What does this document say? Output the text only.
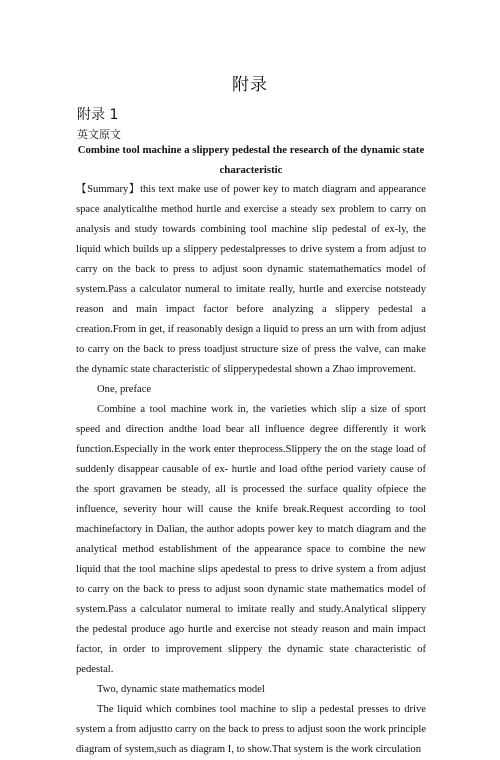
附录
附录 1
英文原文
Combine tool machine a slippery pedestal the research of the dynamic state characteristic

【Summary】this text make use of power key to match diagram and appearance space analyticalthe method hurtle and exercise a steady sex problem to carry on analysis and study towards combining tool machine slip pedestal of ex-ly, the liquid which builds up a slippery pedestalpresses to drive system a from adjust to carry on the back to press to adjust soon dynamic statemathematics model of system.Pass a calculator numeral to imitate really, hurtle and exercise notsteady reason and main impact factor before analyzing a slippery pedestal a creation.From in get, if reasonably design a liquid to press an urn with from adjust to carry on the back to press toadjust structure size of press the valve, can make the dynamic state characteristic of slipperypedestal shown a Zhao improvement.

One, preface

Combine a tool machine work in, the varieties which slip a size of sport speed and direction andthe load bear all influence degree differently it work function.Especially in the work enter theprocess.Slippery the on the stage load of suddenly disappear causable of ex- hurtle and load ofthe period variety cause of the sport gravamen be steady, all is processed the surface quality ofpiece the influence, severity hour will cause the knife break.Request according to tool machinefactory in Dalian, the author adopts power key to match diagram and the analytical method establishment of the appearance space to combine the new liquid that the tool machine slips apedestal to press to drive system a from adjust to carry on the back to press to adjust soon dynamic state mathematics model of system.Pass a calculator numeral to imitate really and study.Analytical slippery the pedestal produce ago hurtle and exercise not steady reason and main impact factor, in order to improvement slippery the dynamic state characteristic of pedestal.

Two, dynamic state mathematics model

The liquid which combines tool machine to slip a pedestal presses to drive system a from adjustto carry on the back to press to adjust soon the work principle diagram of system,such as diagram I, to show.That system is the work circulation
